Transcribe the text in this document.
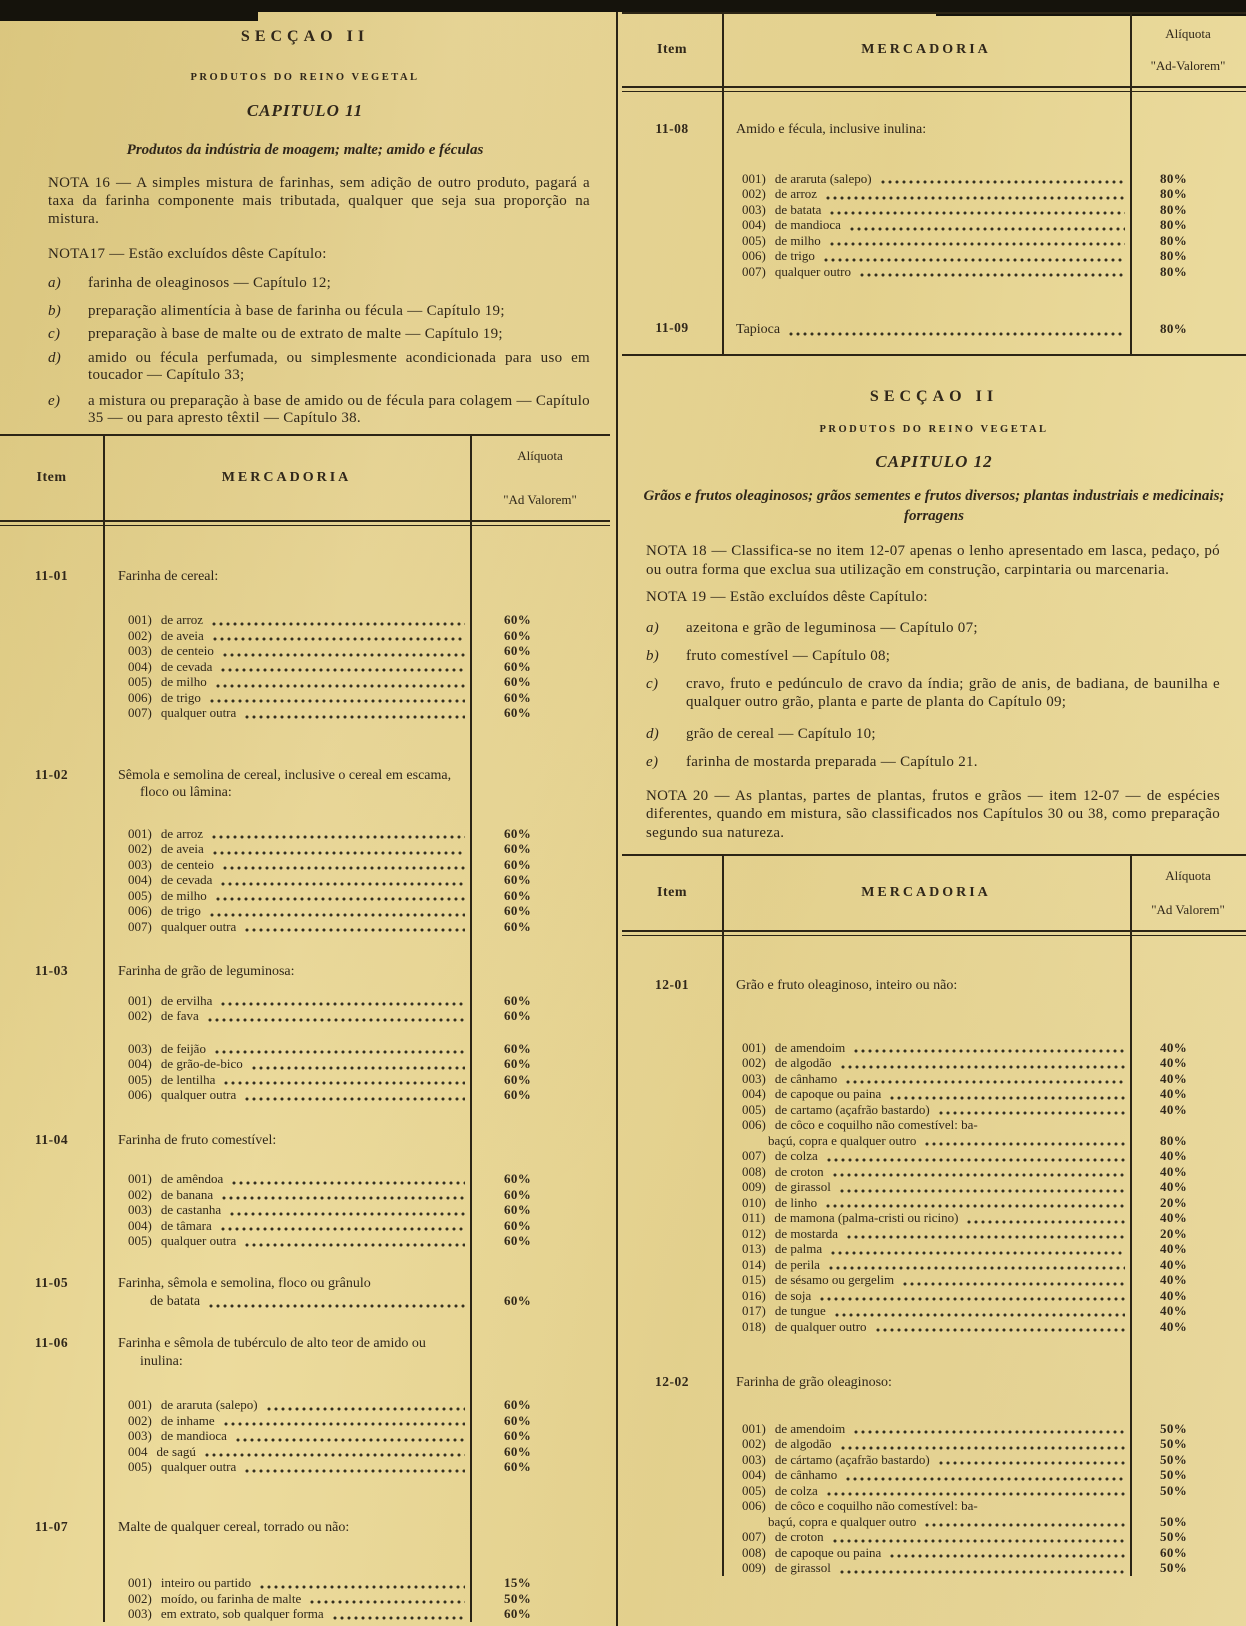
SECÇAO II
PRODUTOS DO REINO VEGETAL
CAPITULO 11
Produtos da indústria de moagem; malte; amido e féculas
NOTA 16 — A simples mistura de farinhas, sem adição de outro produto, pagará a taxa da farinha componente mais tributada, qualquer que seja sua proporção na mistura.
NOTA17 — Estão excluídos dêste Capítulo:
a)	farinha de oleaginosos — Capítulo 12;
b)	preparação alimentícia à base de farinha ou fécula — Capítulo 19;
c)	preparação à base de malte ou de extrato de malte — Capítulo 19;
d)	amido ou fécula perfumada, ou simplesmente acondicionada para uso em toucador — Capítulo 33;
e)	a mistura ou preparação à base de amido ou de fécula para colagem — Capítulo 35 — ou para apresto têxtil — Capítulo 38.
Item	MERCADORIA
Alíquota
"Ad Valorem"
11-01	Farinha de cereal:
001) de arroz	60%
002) de aveia	60%
003) de centeio	60%
004) de cevada	60%
005) de milho	60%
006) de trigo	60%
007) qualquer outra	60%
11-02	Sêmola e semolina de cereal, inclusive o cereal em escama, floco ou lâmina:
001) de arroz	60%
002) de aveia	60%
003) de centeio	60%
004) de cevada	60%
005) de milho	60%
006) de trigo	60%
007) qualquer outra	60%
11-03	Farinha de grão de leguminosa:
001) de ervilha	60%
002) de fava	60%
003) de feijão	60%
004) de grão-de-bico	60%
005) de lentilha	60%
006) qualquer outra	60%
11-04	Farinha de fruto comestível:
001) de amêndoa	60%
002) de banana	60%
003) de castanha	60%
004) de tâmara	60%
005) qualquer outra	60%
11-05	Farinha, sêmola e semolina, floco ou grânulo
de batata	60%
11-06	Farinha e sêmola de tubérculo de alto teor de amido ou inulina:
001) de araruta (salepo)	60%
002) de inhame	60%
003) de mandioca	60%
004 de sagú	60%
005) qualquer outra	60%
11-07	Malte de qualquer cereal, torrado ou não:
001) inteiro ou partido	15%
002) moído, ou farinha de malte	50%
003) em extrato, sob qualquer forma	60%
Item	MERCADORIA
Alíquota
"Ad-Valorem"
11-08	Amido e fécula, inclusive inulina:
001) de araruta (salepo)	80%
002) de arroz	80%
003) de batata	80%
004) de mandioca	80%
005) de milho	80%
006) de trigo	80%
007) qualquer outro	80%
11-09	Tapioca	80%
SECÇAO II
PRODUTOS DO REINO VEGETAL
CAPITULO 12
Grãos e frutos oleaginosos; grãos sementes e frutos diversos; plantas industriais e medicinais; forragens
NOTA 18 — Classifica-se no item 12-07 apenas o lenho apresentado em lasca, pedaço, pó ou outra forma que exclua sua utilização em construção, carpintaria ou marcenaria.
NOTA 19 — Estão excluídos dêste Capítulo:
a)	azeitona e grão de leguminosa — Capítulo 07;
b)	fruto comestível — Capítulo 08;
c)	cravo, fruto e pedúnculo de cravo da índia; grão de anis, de badiana, de baunilha e qualquer outro grão, planta e parte de planta do Capítulo 09;
d)	grão de cereal — Capítulo 10;
e)	farinha de mostarda preparada — Capítulo 21.
NOTA 20 — As plantas, partes de plantas, frutos e grãos — item 12-07 — de espécies diferentes, quando em mistura, são classificados nos Capítulos 30 ou 38, como preparação segundo sua natureza.
Item	MERCADORIA
Alíquota
"Ad Valorem"
12-01	Grão e fruto oleaginoso, inteiro ou não:
001) de amendoim	40%
002) de algodão	40%
003) de cânhamo	40%
004) de capoque ou paina	40%
005) de cartamo (açafrão bastardo)	40%
006) de côco e coquilho não comestível: ba-
baçú, copra e qualquer outro	80%
007) de colza	40%
008) de croton	40%
009) de girassol	40%
010) de linho	20%
011) de mamona (palma-cristi ou ricino)	40%
012) de mostarda	20%
013) de palma	40%
014) de perila	40%
015) de sésamo ou gergelim	40%
016) de soja	40%
017) de tungue	40%
018) de qualquer outro	40%
12-02	Farinha de grão oleaginoso:
001) de amendoim	50%
002) de algodão	50%
003) de cártamo (açafrão bastardo)	50%
004) de cânhamo	50%
005) de colza	50%
006) de côco e coquilho não comestível: ba-
baçú, copra e qualquer outro	50%
007) de croton	50%
008) de capoque ou paina	60%
009) de girassol	50%
